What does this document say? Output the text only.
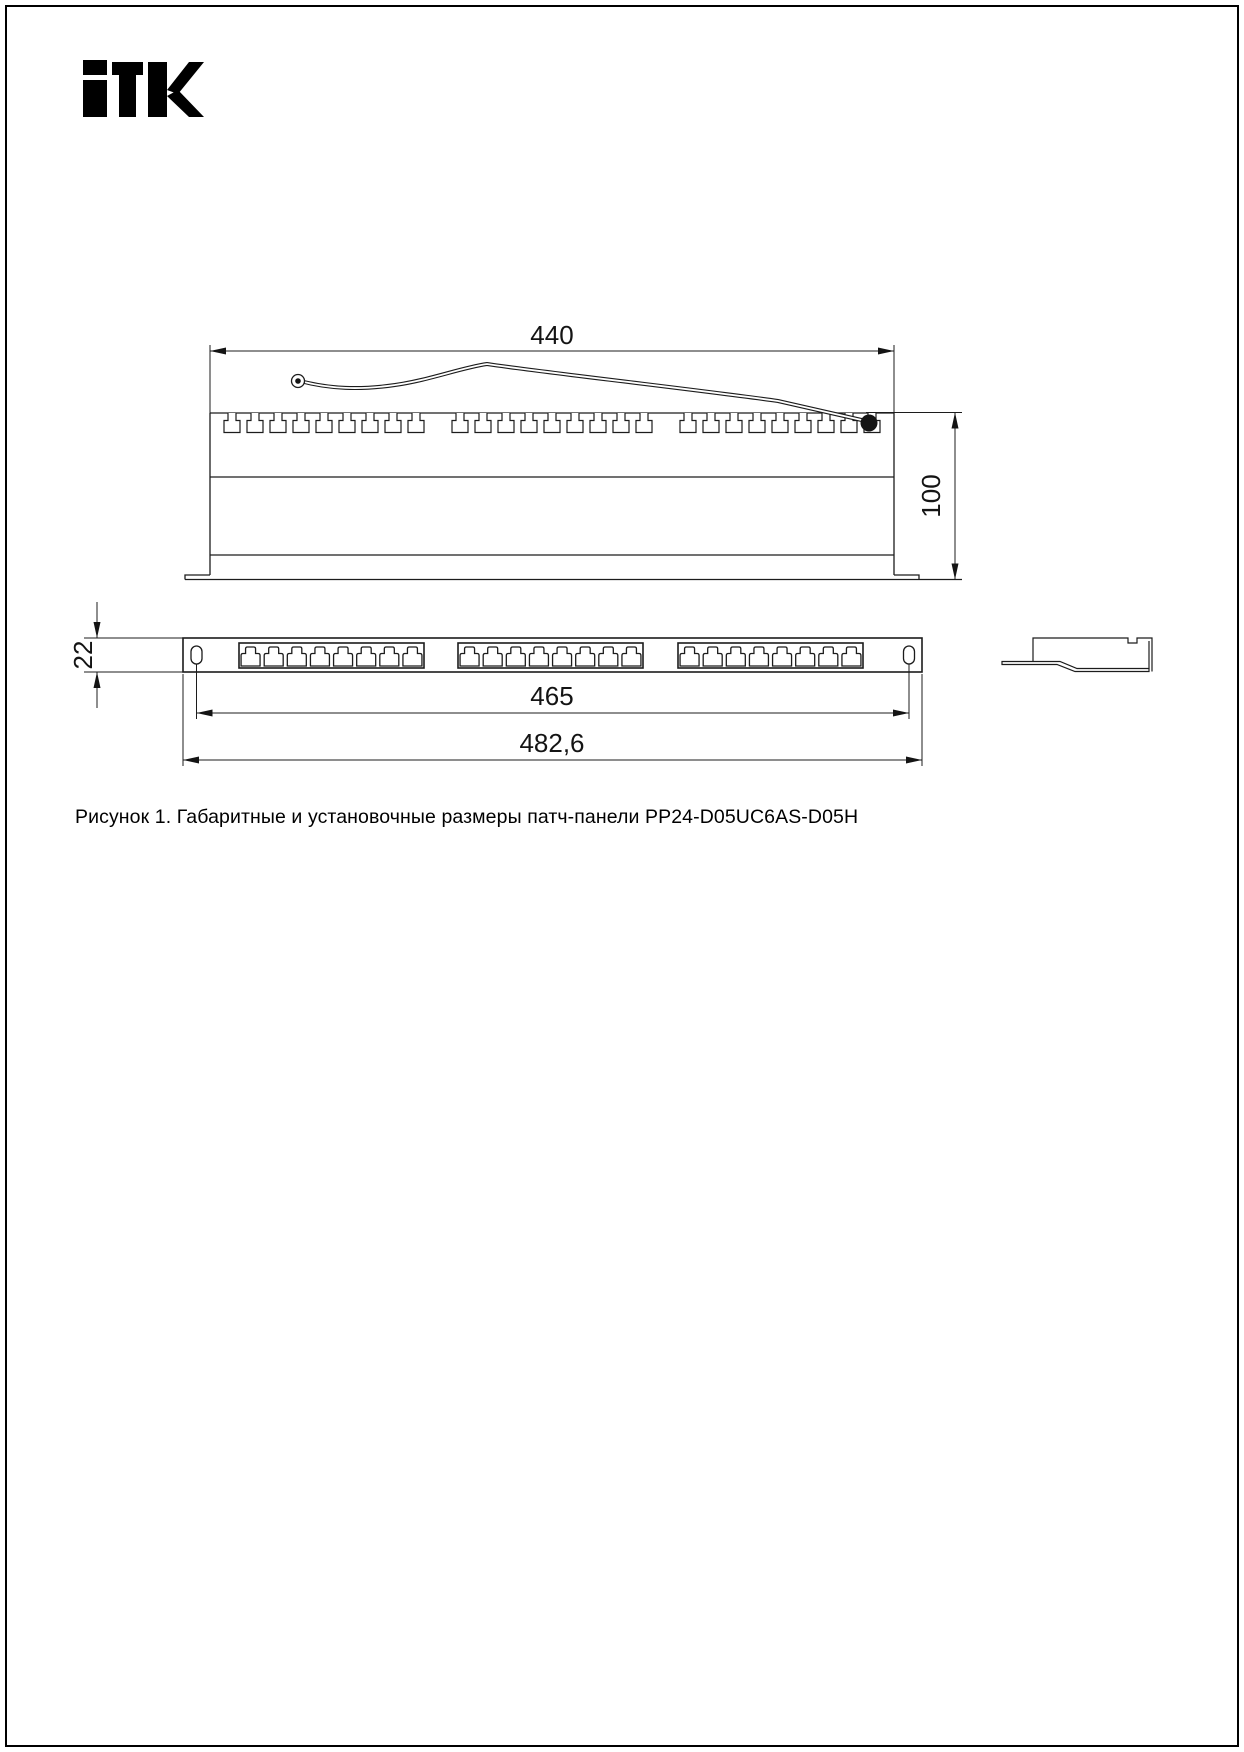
440
100
22
465
482,6
Рисунок 1. Габаритные и установочные размеры патч-панели PP24-D05UC6AS-D05H
